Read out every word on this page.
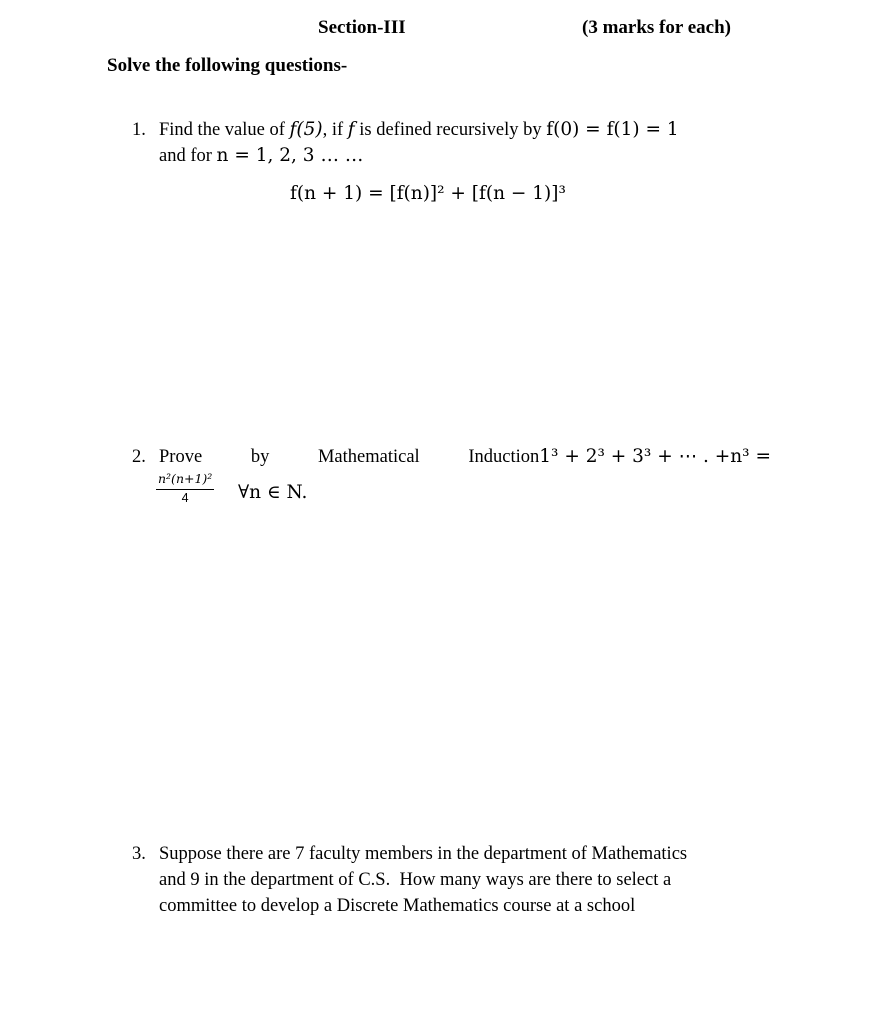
Section-III	(3 marks for each)
Solve the following questions-
1. Find the value of f(5), if f is defined recursively by f(0) = f(1) = 1
and for n = 1, 2, 3 … …
f(n + 1) = [f(n)]² + [f(n − 1)]³
2. Prove	by	Mathematical	Induction1³ + 2³ + 3³ + ⋯ . +n³ =
$\frac{\text{n²(n+1)²}}{4}$ ∀n ∈ N.
3. Suppose there are 7 faculty members in the department of Mathematics
and 9 in the department of C.S.  How many ways are there to select a
committee to develop a Discrete Mathematics course at a school
